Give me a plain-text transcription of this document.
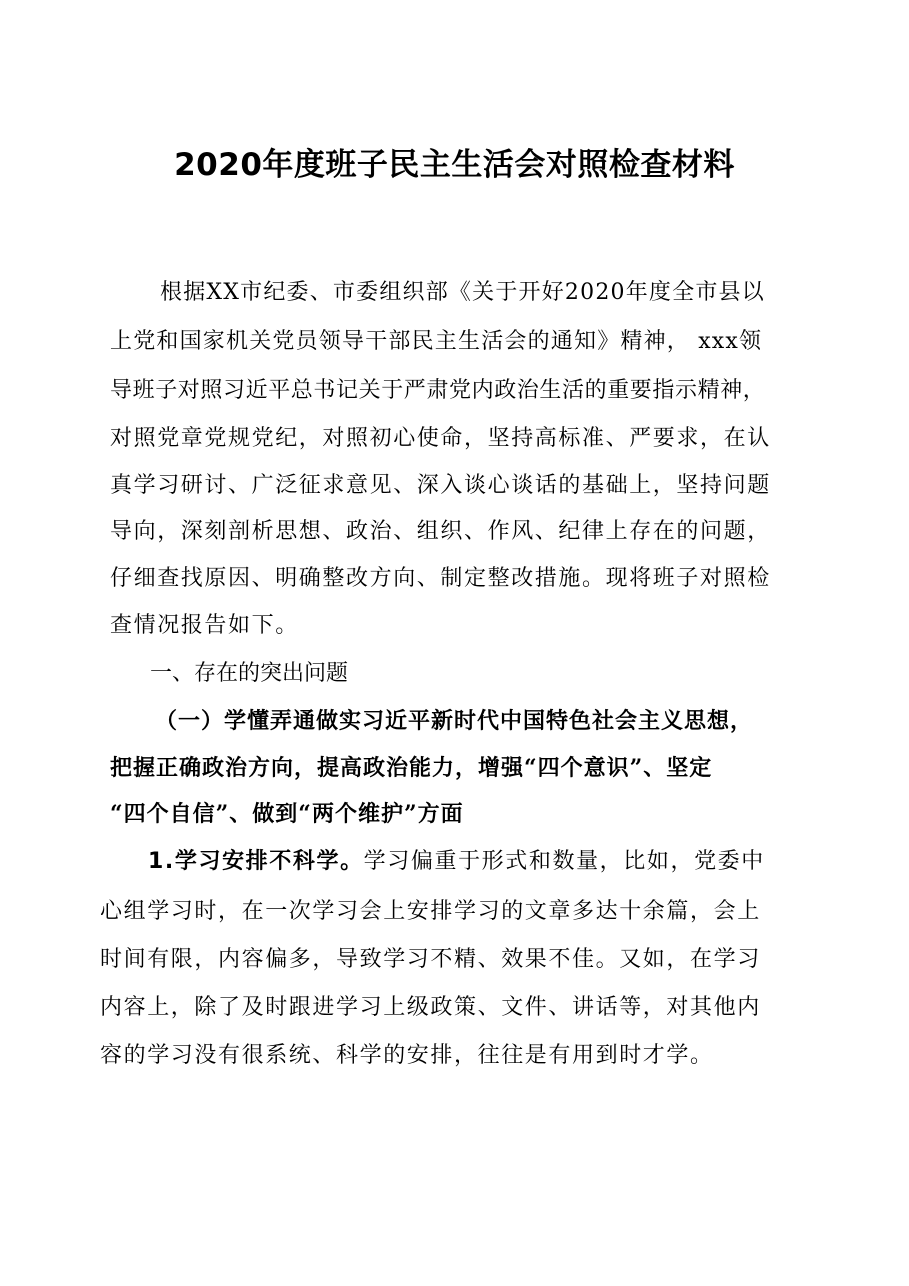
2020年度班子民主生活会对照检查材料
根据XX市纪委、市委组织部《关于开好2020年度全市县以
上党和国家机关党员领导干部民主生活会的通知》精神， xxx领
导班子对照习近平总书记关于严肃党内政治生活的重要指示精神，
对照党章党规党纪，对照初心使命，坚持高标准、严要求，在认
真学习研讨、广泛征求意见、深入谈心谈话的基础上，坚持问题
导向，深刻剖析思想、政治、组织、作风、纪律上存在的问题，
仔细查找原因、明确整改方向、制定整改措施。现将班子对照检
查情况报告如下。
一、存在的突出问题
（一）学懂弄通做实习近平新时代中国特色社会主义思想，
把握正确政治方向，提高政治能力，增强“四个意识”、坚定
“四个自信”、做到“两个维护”方面
1.学习安排不科学。学习偏重于形式和数量，比如，党委中
心组学习时，在一次学习会上安排学习的文章多达十余篇，会上
时间有限，内容偏多，导致学习不精、效果不佳。又如，在学习
内容上，除了及时跟进学习上级政策、文件、讲话等，对其他内
容的学习没有很系统、科学的安排，往往是有用到时才学。
